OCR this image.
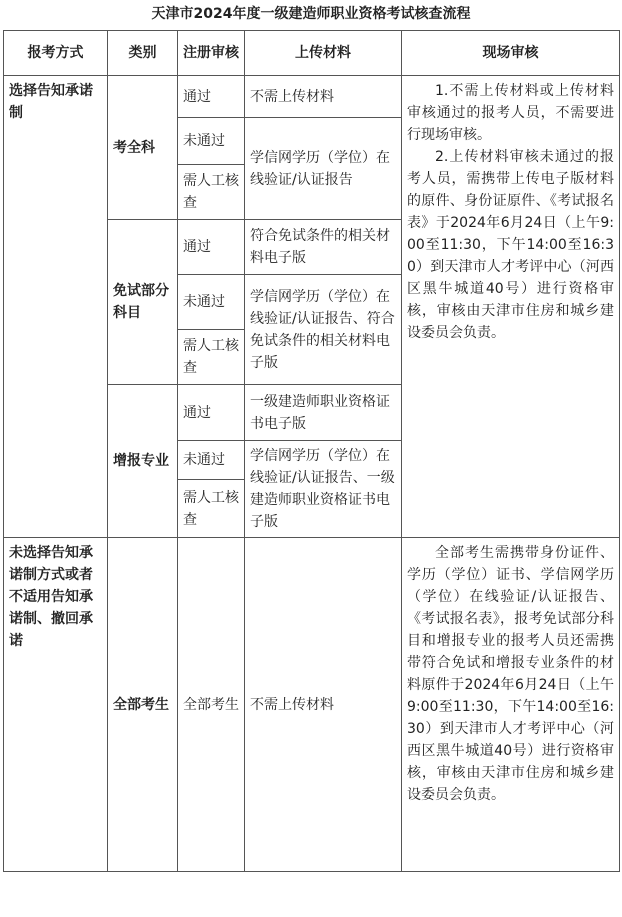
天津市2024年度一级建造师职业资格考试核查流程
报考方式	类别	注册审核	上传材料	现场审核
选择告知承诺制	考全科	通过	不需上传材料	1.不需上传材料或上传材料审核通过的报考人员，不需要进行现场审核。
2.上传材料审核未通过的报考人员，需携带上传电子版材料的原件、身份证原件、《考试报名表》于2024年6月24日（上午9:00至11:30，下午14:00至16:30）到天津市人才考评中心（河西区黑牛城道40号）进行资格审核，审核由天津市住房和城乡建设委员会负责。

		未通过	学信网学历（学位）在线验证/认证报告	
		需人工核查		
	免试部分科目	通过	符合免试条件的相关材料电子版	
		未通过	学信网学历（学位）在线验证/认证报告、符合免试条件的相关材料电子版	
		需人工核查		
	增报专业	通过	一级建造师职业资格证书电子版	
		未通过	学信网学历（学位）在线验证/认证报告、一级建造师职业资格证书电子版	
		需人工核查		
未选择告知承诺制方式或者不适用告知承诺制、撤回承诺	全部考生	全部考生	不需上传材料	全部考生需携带身份证件、学历（学位）证书、学信网学历（学位）在线验证/认证报告、《考试报名表》，报考免试部分科目和增报专业的报考人员还需携带符合免试和增报专业条件的材料原件于2024年6月24日（上午9:00至11:30，下午14:00至16:30）到天津市人才考评中心（河西区黑牛城道40号）进行资格审核，审核由天津市住房和城乡建设委员会负责。
